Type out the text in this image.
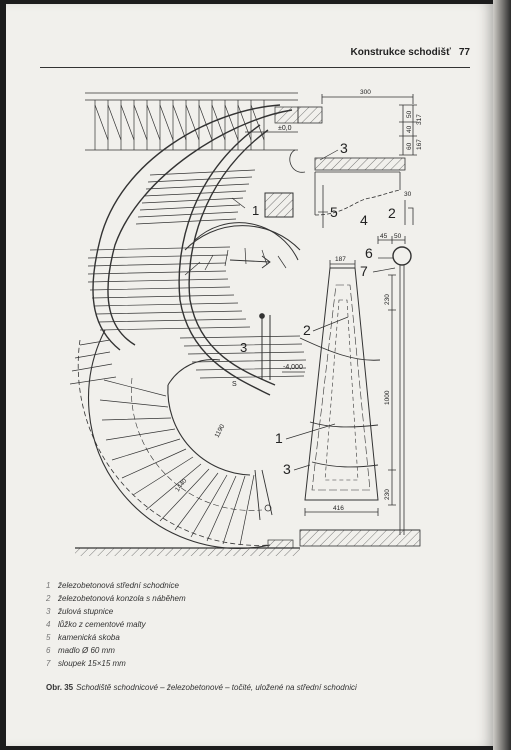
Konstrukce schodišť 77
1
3
S
±0,0
-4,000
1190
1440
300
50
40
60 167
317
30
45 50
3
5 4 2
6
7
187
230
1000
230
416
2
1
3
1 železobetonová střední schodnice
2 železobetonová konzola s náběhem
3 žulová stupnice
4 lůžko z cementové malty
5 kamenická skoba
6 madlo Ø 60 mm
7 sloupek 15×15 mm
Obr. 35 Schodiště schodnicové – železobetonové – točité, uložené na střední schodnici
